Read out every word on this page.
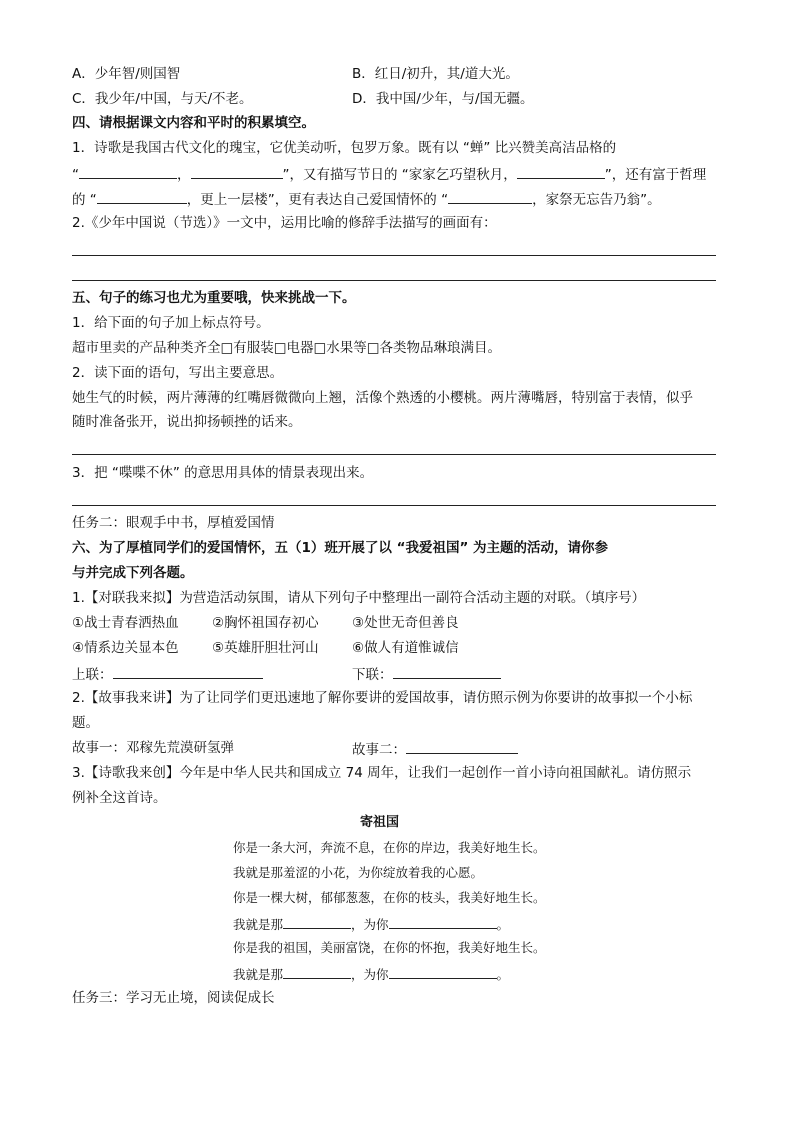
A．少年智/则国智	B．红日/初升，其/道大光。
C．我少年/中国，与天/不老。	D．我中国/少年，与/国无疆。
四、请根据课文内容和平时的积累填空。
1．诗歌是我国古代文化的瑰宝，它优美动听，包罗万象。既有以 “蝉” 比兴赞美高洁品格的
“	，	”，又有描写节日的 “家家乞巧望秋月，	”，还有富于哲理
的 “	，更上一层楼”，更有表达自己爱国情怀的 “	，家祭无忘告乃翁”。
2.《少年中国说（节选）》一文中，运用比喻的修辞手法描写的画面有：
五、句子的练习也尤为重要哦，快来挑战一下。
1．给下面的句子加上标点符号。
超市里卖的产品种类齐全□有服装□电器□水果等□各类物品琳琅满目。
2．读下面的语句，写出主要意思。
她生气的时候，两片薄薄的红嘴唇微微向上翘，活像个熟透的小樱桃。两片薄嘴唇，特别富于表情，似乎
随时准备张开，说出抑扬顿挫的话来。
3．把 “喋喋不休” 的意思用具体的情景表现出来。
任务二：眼观手中书，厚植爱国情
六、为了厚植同学们的爱国情怀，五（1）班开展了以 “我爱祖国” 为主题的活动，请你参
与并完成下列各题。
1.【对联我来拟】为营造活动氛围，请从下列句子中整理出一副符合活动主题的对联。（填序号）
①战士青春洒热血 ②胸怀祖国存初心 ③处世无奇但善良
④情系边关显本色 ⑤英雄肝胆壮河山 ⑥做人有道惟诚信
上联：	下联：
2.【故事我来讲】为了让同学们更迅速地了解你要讲的爱国故事，请仿照示例为你要讲的故事拟一个小标
题。
故事一：邓稼先荒漠研氢弹	故事二：
3.【诗歌我来创】今年是中华人民共和国成立 74 周年，让我们一起创作一首小诗向祖国献礼。请仿照示
例补全这首诗。
寄祖国
你是一条大河，奔流不息，在你的岸边，我美好地生长。
我就是那羞涩的小花，为你绽放着我的心愿。
你是一棵大树，郁郁葱葱，在你的枝头，我美好地生长。
我就是那	，为你	。
你是我的祖国，美丽富饶，在你的怀抱，我美好地生长。
我就是那	，为你	。
任务三：学习无止境，阅读促成长
